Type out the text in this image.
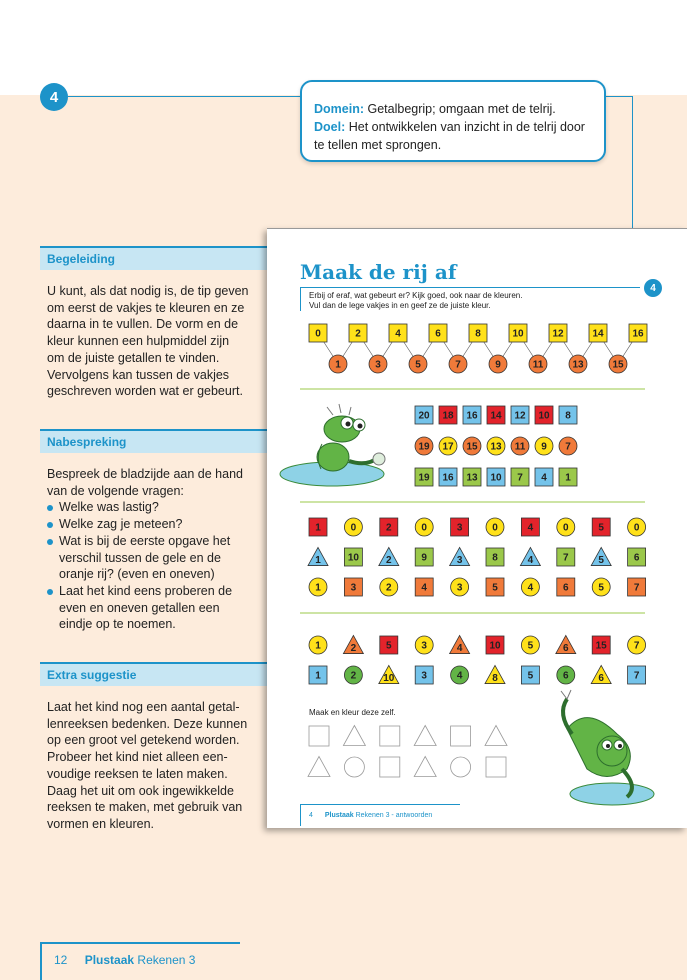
4
Domein: Getalbegrip; omgaan met de telrij.
Doel: Het ontwikkelen van inzicht in de telrij door
te tellen met sprongen.
Begeleiding
U kunt, als dat nodig is, de tip geven
om eerst de vakjes te kleuren en ze
daarna in te vullen. De vorm en de
kleur kunnen een hulpmiddel zijn
om de juiste getallen te vinden.
Vervolgens kan tussen de vakjes
geschreven worden wat er gebeurt.
Nabespreking
Bespreek de bladzijde aan de hand
van de volgende vragen:
Welke was lastig?
Welke zag je meteen?
Wat is bij de eerste opgave het
verschil tussen de gele en de
oranje rij? (even en oneven)
Laat het kind eens proberen de
even en oneven getallen een
eindje op te noemen.
Extra suggestie
Laat het kind nog een aantal getal-
lenreeksen bedenken. Deze kunnen
op een groot vel getekend worden.
Probeer het kind niet alleen een-
voudige reeksen te laten maken.
Daag het uit om ook ingewikkelde
reeksen te maken, met gebruik van
vormen en kleuren.
Maak de rij af
4
Erbij of eraf, wat gebeurt er? Kijk goed, ook naar de kleuren.
Vul dan de lege vakjes in en geef ze de juiste kleur.
0	2	4	6	8	10	12	14	16
1	3	5	7	9	11	13	15
20 18 16 14 12 10 8
19 17 15 13 11 9 7
19 16 13 10 7 4 1
1	0	2	0	3	0	4	0	5	0
1	10	2	9	3	8	4	7	5	6
1	3	2	4	3	5	4	6	5	7
1	2	5	3	4	10	5	6	15	7
1	2	10	3	4	8	5	6	6	7
Maak en kleur deze zelf.
4 Plustaak Rekenen 3 - antwoorden
12 Plustaak Rekenen 3
